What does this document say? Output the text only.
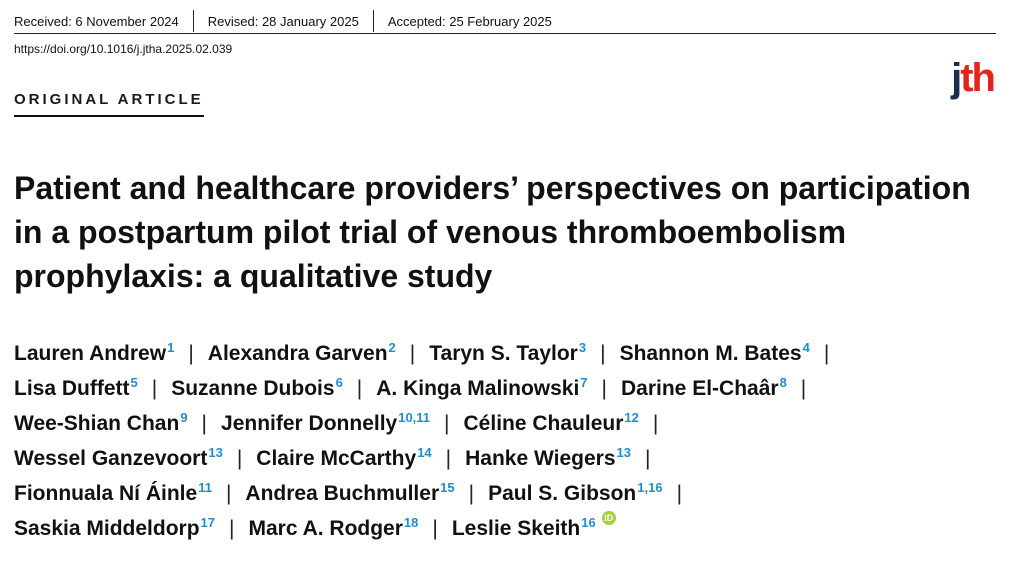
Received: 6 November 2024	Revised: 28 January 2025	Accepted: 25 February 2025
https://doi.org/10.1016/j.jtha.2025.02.039
jth
ORIGINAL ARTICLE
Patient and healthcare providers’ perspectives on participation
in a postpartum pilot trial of venous thromboembolism
prophylaxis: a qualitative study
Lauren Andrew 1 | Alexandra Garven 2 | Taryn S. Taylor 3 | Shannon M. Bates 4 |
Lisa Duffett 5 | Suzanne Dubois 6 | A. Kinga Malinowski 7 | Darine El-Chaâr 8 |
Wee-Shian Chan 9 | Jennifer Donnelly 10,11 | Céline Chauleur 12 |
Wessel Ganzevoort 13 | Claire McCarthy 14 | Hanke Wiegers 13 |
Fionnuala Ní Áinle 11 | Andrea Buchmuller 15 | Paul S. Gibson 1,16 |
Saskia Middeldorp 17 | Marc A. Rodger 18 | Leslie Skeith 16 iD
